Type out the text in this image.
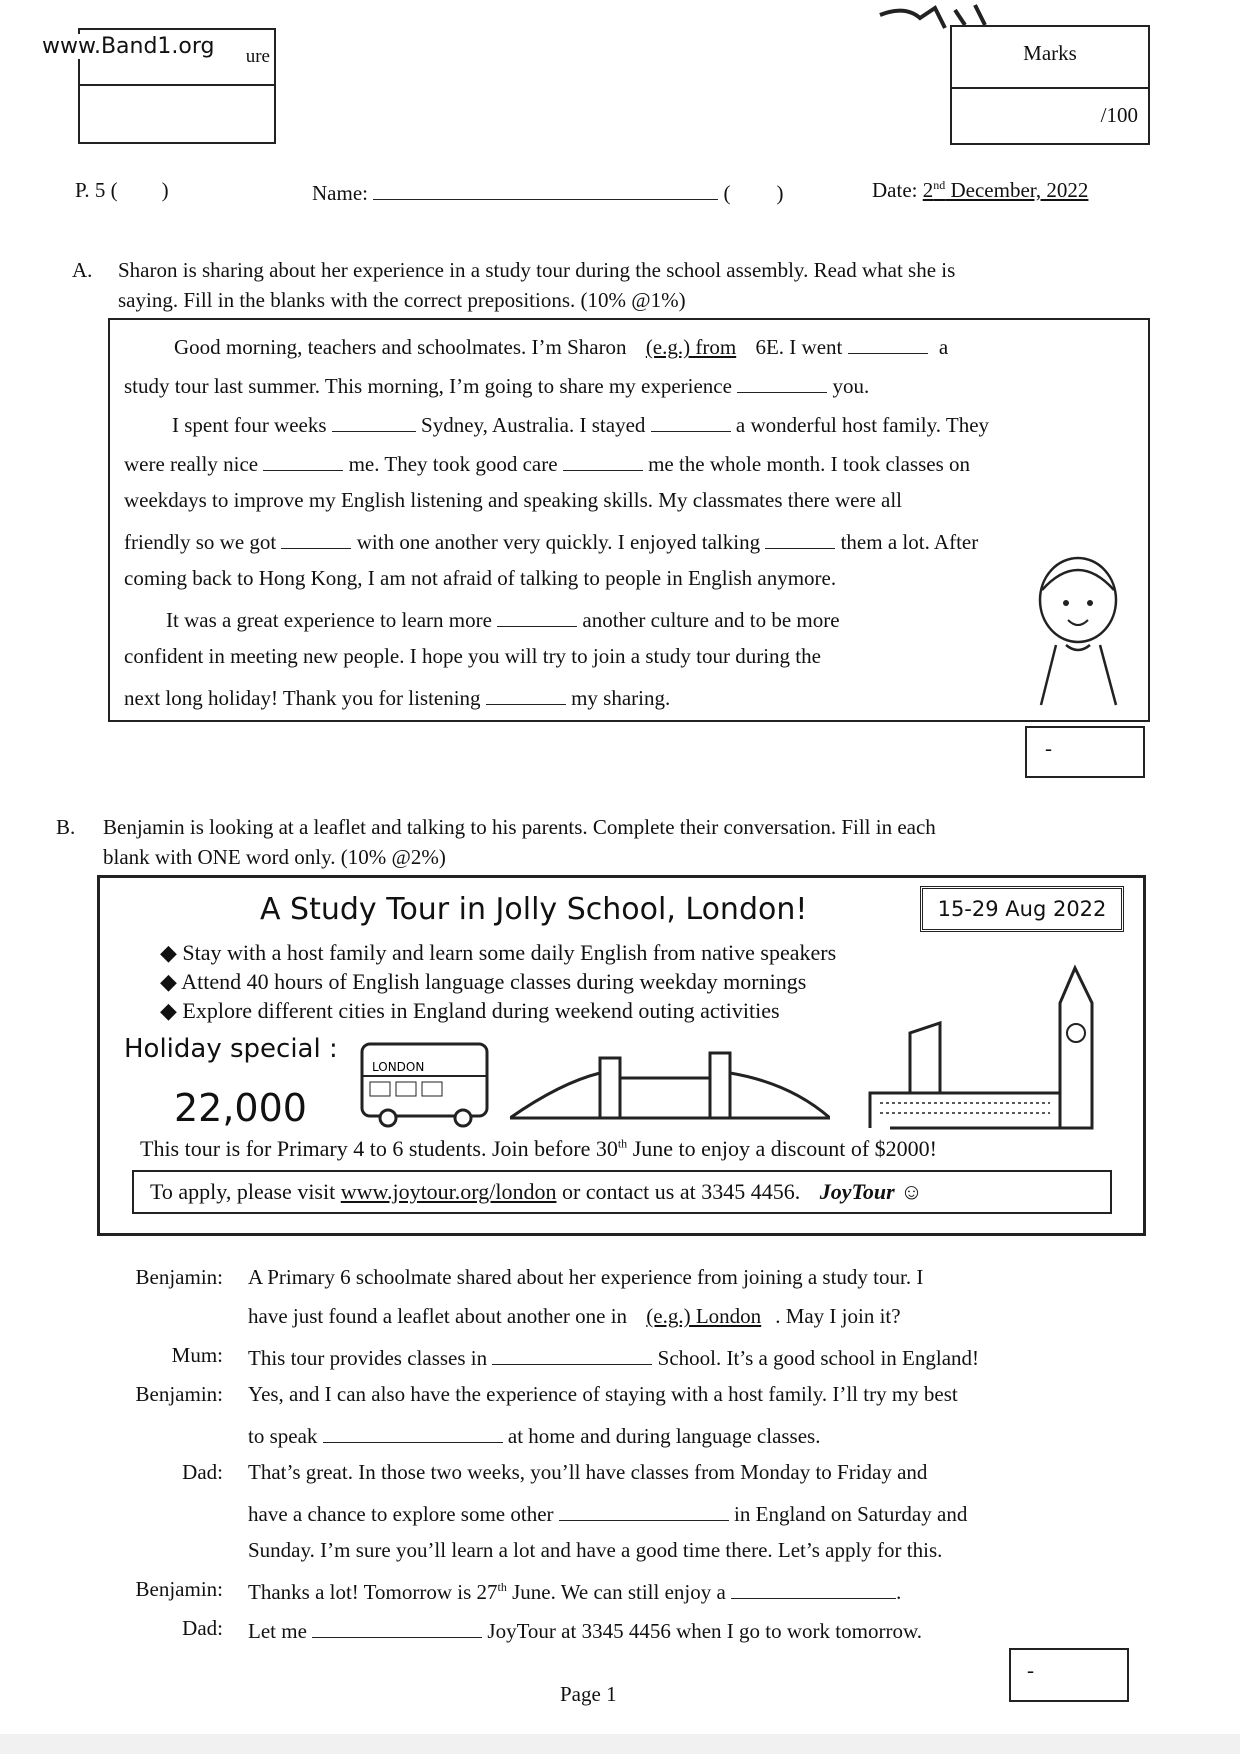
www.Band1.org ure	Marks
/100
P. 5 ( )	Name:	( )	Date: 2nd December, 2022
A. Sharon is sharing about her experience in a study tour during the school assembly. Read what she is
saying. Fill in the blanks with the correct prepositions. (10% @1%)
Good morning, teachers and schoolmates. I’m Sharon (e.g.) from 6E. I went	a
study tour last summer. This morning, I’m going to share my experience	you.
I spent four weeks	Sydney, Australia. I stayed	a wonderful host family. They
were really nice	me. They took good care	me the whole month. I took classes on
weekdays to improve my English listening and speaking skills. My classmates there were all
friendly so we got	with one another very quickly. I enjoyed talking	them a lot. After
coming back to Hong Kong, I am not afraid of talking to people in English anymore.
It was a great experience to learn more	another culture and to be more
confident in meeting new people. I hope you will try to join a study tour during the
next long holiday! Thank you for listening	my sharing.
-
B. Benjamin is looking at a leaflet and talking to his parents. Complete their conversation. Fill in each
blank with ONE word only. (10% @2%)
A Study Tour in Jolly School, London!	15-29 Aug 2022
◆ Stay with a host family and learn some daily English from native speakers
◆ Attend 40 hours of English language classes during weekday mornings
◆ Explore different cities in England during weekend outing activities
Holiday special :
22,000
LONDON
This tour is for Primary 4 to 6 students. Join before 30th June to enjoy a discount of $2000!
To apply, please visit www.joytour.org/london or contact us at 3345 4456. JoyTour ☺
Benjamin: A Primary 6 schoolmate shared about her experience from joining a study tour. I
have just found a leaflet about another one in (e.g.) London . May I join it?
Mum: This tour provides classes in	School. It’s a good school in England!
Benjamin: Yes, and I can also have the experience of staying with a host family. I’ll try my best
to speak	at home and during language classes.
Dad: That’s great. In those two weeks, you’ll have classes from Monday to Friday and
have a chance to explore some other	in England on Saturday and
Sunday. I’m sure you’ll learn a lot and have a good time there. Let’s apply for this.
Benjamin: Thanks a lot! Tomorrow is 27th June. We can still enjoy a	.
Dad: Let me	JoyTour at 3345 4456 when I go to work tomorrow.
-
Page 1
